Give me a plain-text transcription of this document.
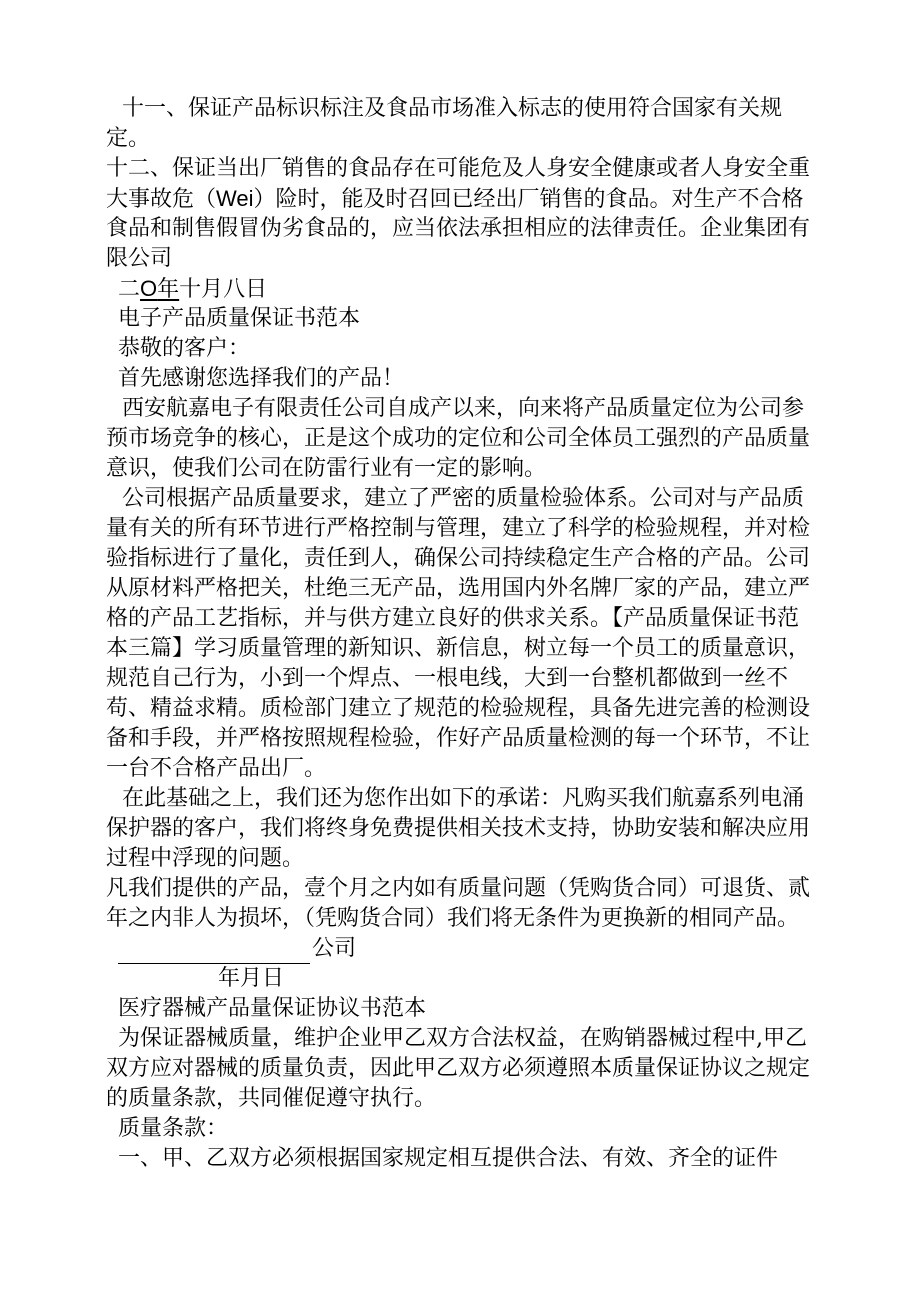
十一、保证产品标识标注及食品市场准入标志的使用符合国家有关规
定。
十二、保证当出厂销售的食品存在可能危及人身安全健康或者人身安全重
大事故危（Wei）险时，能及时召回已经出厂销售的食品。对生产不合格
食品和制售假冒伪劣食品的，应当依法承担相应的法律责任。企业集团有
限公司
二O年十月八日
电子产品质量保证书范本
恭敬的客户：
首先感谢您选择我们的产品！
西安航嘉电子有限责任公司自成产以来，向来将产品质量定位为公司参
预市场竞争的核心，正是这个成功的定位和公司全体员工强烈的产品质量
意识，使我们公司在防雷行业有一定的影响。
公司根据产品质量要求，建立了严密的质量检验体系。公司对与产品质
量有关的所有环节进行严格控制与管理，建立了科学的检验规程，并对检
验指标进行了量化，责任到人，确保公司持续稳定生产合格的产品。公司
从原材料严格把关，杜绝三无产品，选用国内外名牌厂家的产品，建立严
格的产品工艺指标，并与供方建立良好的供求关系。【产品质量保证书范
本三篇】学习质量管理的新知识、新信息，树立每一个员工的质量意识，
规范自己行为，小到一个焊点、一根电线，大到一台整机都做到一丝不
苟、精益求精。质检部门建立了规范的检验规程，具备先进完善的检测设
备和手段，并严格按照规程检验，作好产品质量检测的每一个环节，不让
一台不合格产品出厂。
在此基础之上，我们还为您作出如下的承诺：凡购买我们航嘉系列电涌
保护器的客户，我们将终身免费提供相关技术支持，协助安装和解决应用
过程中浮现的问题。
凡我们提供的产品，壹个月之内如有质量问题（凭购货合同）可退货、贰
年之内非人为损坏，（凭购货合同）我们将无条件为更换新的相同产品。
公司
年月日
医疗器械产品量保证协议书范本
为保证器械质量，维护企业甲乙双方合法权益，在购销器械过程中,甲乙
双方应对器械的质量负责，因此甲乙双方必须遵照本质量保证协议之规定
的质量条款，共同催促遵守执行。
质量条款：
一、甲、乙双方必须根据国家规定相互提供合法、有效、齐全的证件
